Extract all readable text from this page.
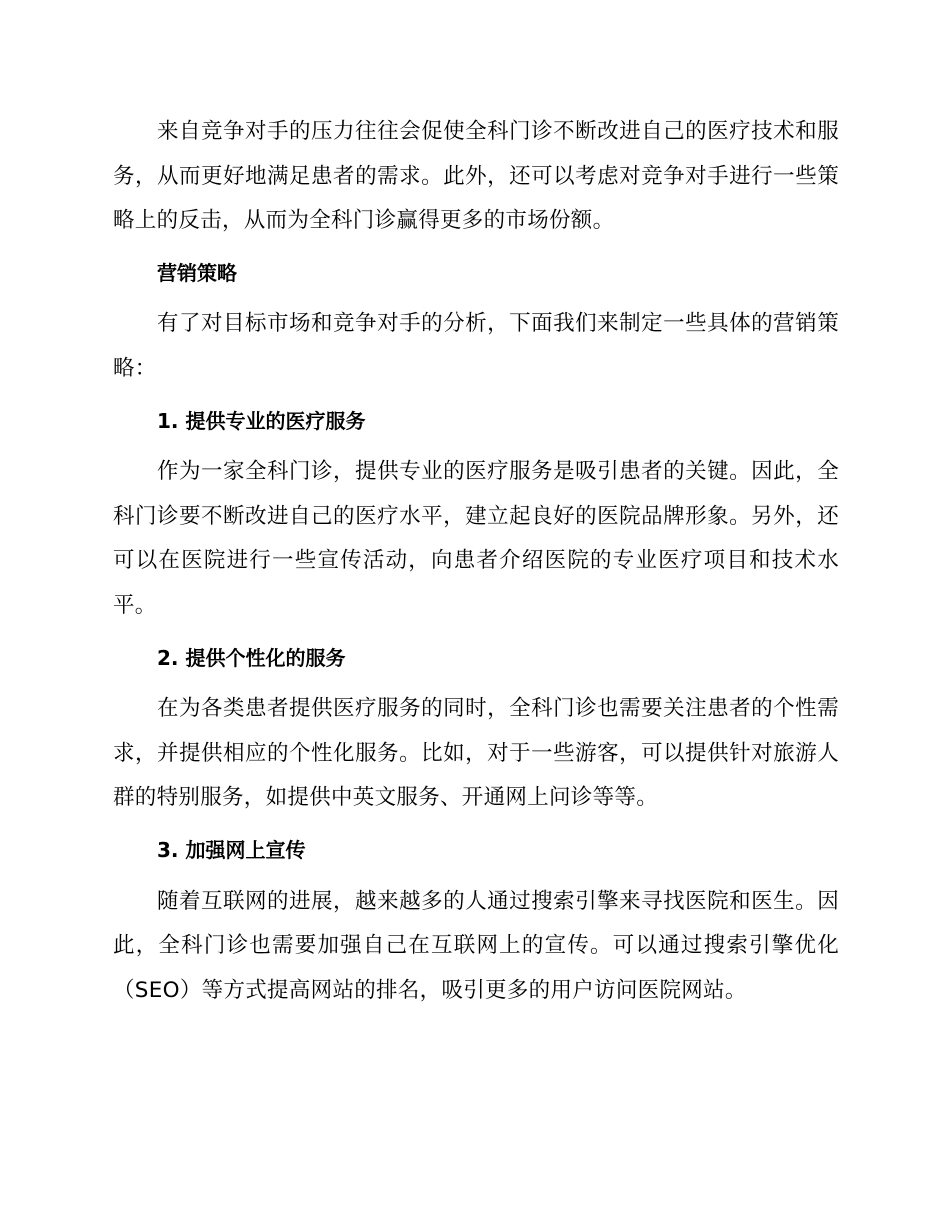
来自竞争对手的压力往往会促使全科门诊不断改进自己的医疗技术和服务，从而更好地满足患者的需求。此外，还可以考虑对竞争对手进行一些策略上的反击，从而为全科门诊赢得更多的市场份额。

营销策略

有了对目标市场和竞争对手的分析，下面我们来制定一些具体的营销策略：

1. 提供专业的医疗服务

作为一家全科门诊，提供专业的医疗服务是吸引患者的关键。因此，全科门诊要不断改进自己的医疗水平，建立起良好的医院品牌形象。另外，还可以在医院进行一些宣传活动，向患者介绍医院的专业医疗项目和技术水平。

2. 提供个性化的服务

在为各类患者提供医疗服务的同时，全科门诊也需要关注患者的个性需求，并提供相应的个性化服务。比如，对于一些游客，可以提供针对旅游人群的特别服务，如提供中英文服务、开通网上问诊等等。

3. 加强网上宣传

随着互联网的进展，越来越多的人通过搜索引擎来寻找医院和医生。因此，全科门诊也需要加强自己在互联网上的宣传。可以通过搜索引擎优化（SEO）等方式提高网站的排名，吸引更多的用户访问医院网站。
